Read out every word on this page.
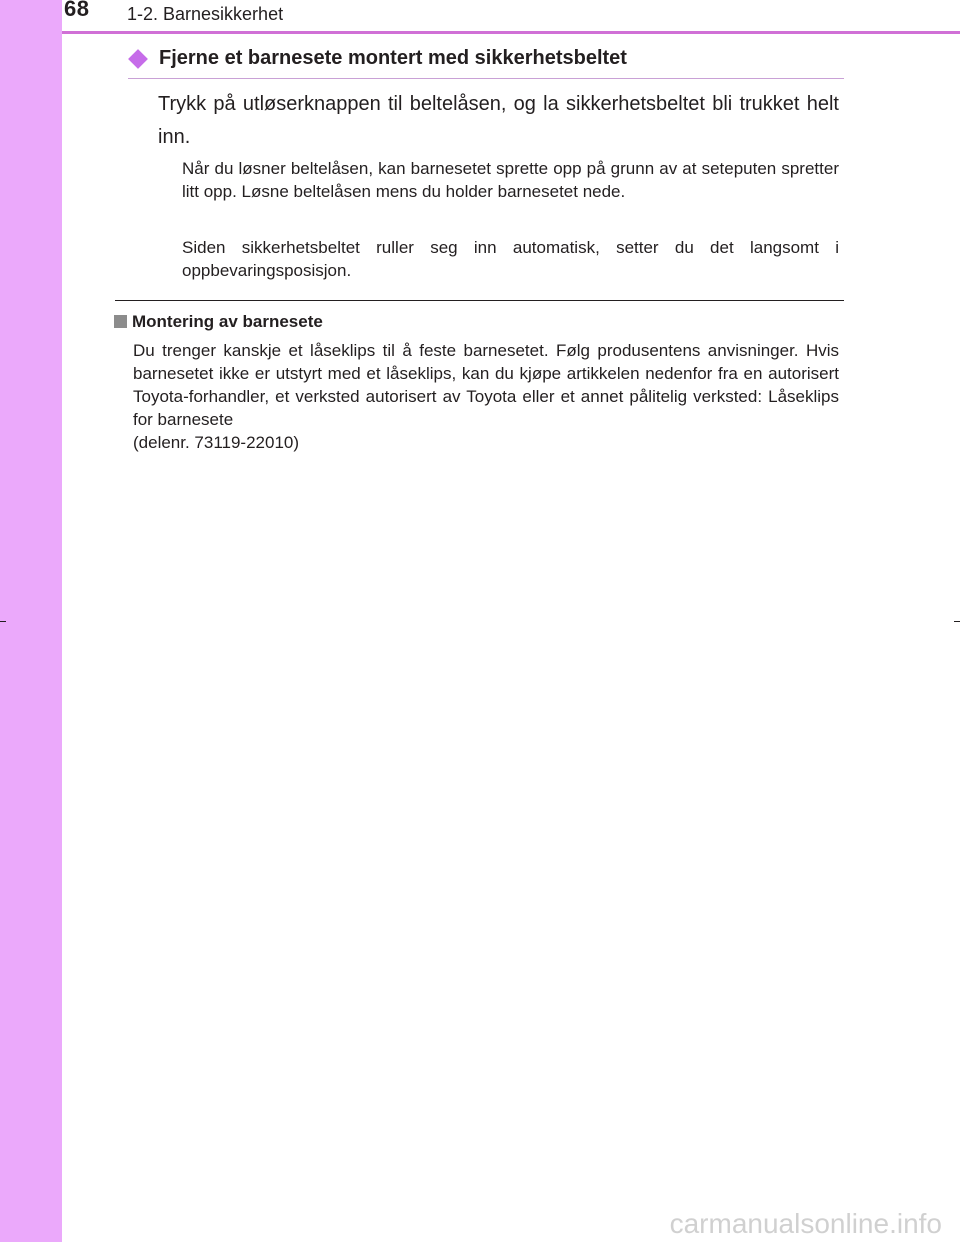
68 1-2. Barnesikkerhet
Fjerne et barnesete montert med sikkerhetsbeltet
Trykk på utløserknappen til beltelåsen, og la sikkerhetsbeltet bli trukket helt inn.
Når du løsner beltelåsen, kan barnesetet sprette opp på grunn av at seteputen spretter litt opp. Løsne beltelåsen mens du holder barnesetet nede.
Siden sikkerhetsbeltet ruller seg inn automatisk, setter du det langsomt i oppbevaringsposisjon.
Montering av barnesete

Du trenger kanskje et låseklips til å feste barnesetet. Følg produsentens anvisninger. Hvis barnesetet ikke er utstyrt med et låseklips, kan du kjøpe artikkelen nedenfor fra en autorisert Toyota-forhandler, et verksted autorisert av Toyota eller et annet pålitelig verksted: Låseklips for barnesete

(delenr. 73119-22010)

carmanualsonline.info
